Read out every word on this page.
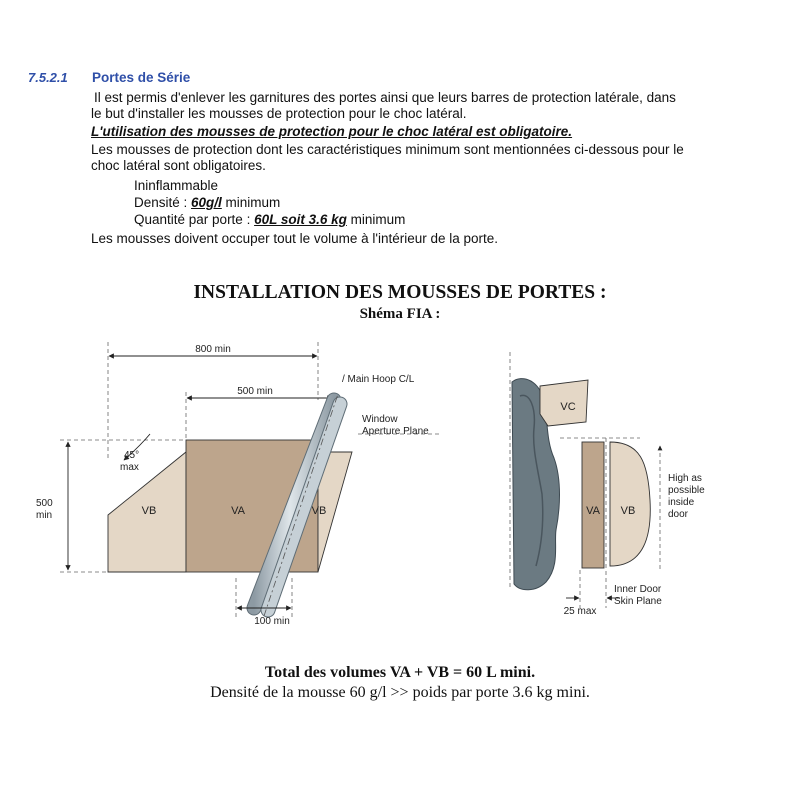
7.5.2.1 Portes de Série
Il est permis d'enlever les garnitures des portes ainsi que leurs barres de protection latérale, dans
le but d'installer les mousses de protection pour le choc latéral.
L'utilisation des mousses de protection pour le choc latéral est obligatoire.
Les mousses de protection dont les caractéristiques minimum sont mentionnées ci-dessous pour le
choc latéral sont obligatoires.
Ininflammable
Densité : 60g/l minimum
Quantité par porte : 60L soit 3.6 kg minimum
Les mousses doivent occuper tout le volume à l'intérieur de la porte.
INSTALLATION DES MOUSSES DE PORTES :
Shéma FIA :
800 min
500 min
500
min
45°
max
VB	VA	VB
/ Main Hoop C/L
Window
Aperture Plane
100 min
VC
VA VB
High as
possible
inside
door
Inner Door
Skin Plane
25 max
Total des volumes VA + VB = 60 L mini.
Densité de la mousse 60 g/l >> poids par porte 3.6 kg mini.
